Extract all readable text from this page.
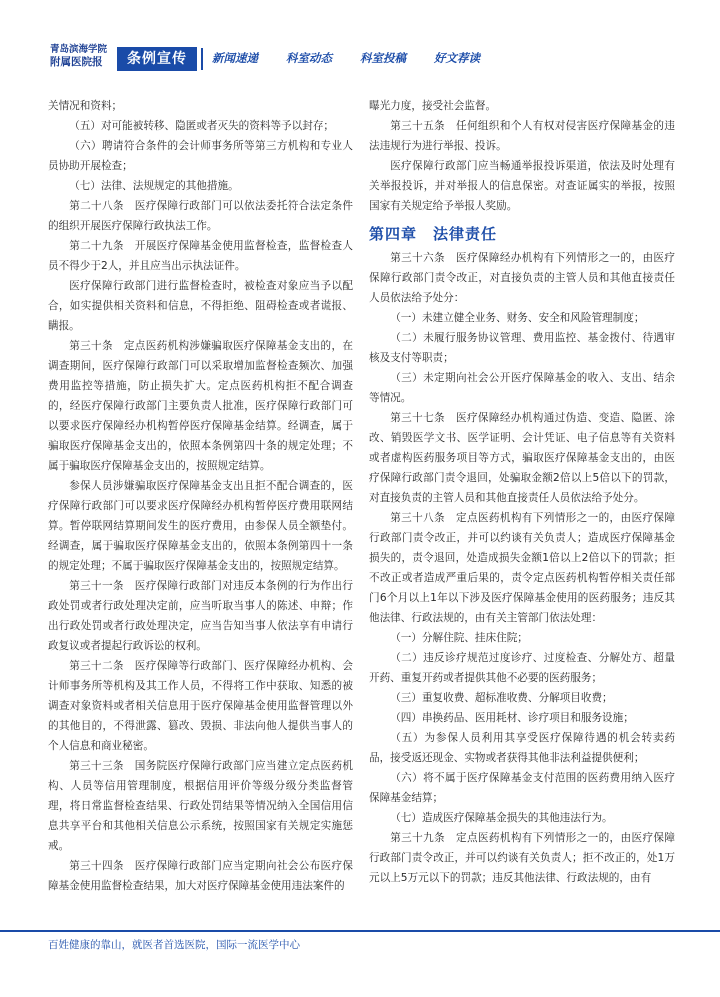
青岛滨海学院
附属医院报	条例宣传	新闻速递 科室动态 科室投稿 好文荐读

关情况和资料；

（五）对可能被转移、隐匿或者灭失的资料等予以封存；

（六）聘请符合条件的会计师事务所等第三方机构和专业人员协助开展检查；

（七）法律、法规规定的其他措施。

第二十八条　医疗保障行政部门可以依法委托符合法定条件的组织开展医疗保障行政执法工作。

第二十九条　开展医疗保障基金使用监督检查，监督检查人员不得少于2人，并且应当出示执法证件。

医疗保障行政部门进行监督检查时，被检查对象应当予以配合，如实提供相关资料和信息，不得拒绝、阻碍检查或者谎报、瞒报。

第三十条　定点医药机构涉嫌骗取医疗保障基金支出的，在调查期间，医疗保障行政部门可以采取增加监督检查频次、加强费用监控等措施，防止损失扩大。定点医药机构拒不配合调查的，经医疗保障行政部门主要负责人批准，医疗保障行政部门可以要求医疗保障经办机构暂停医疗保障基金结算。经调查，属于骗取医疗保障基金支出的，依照本条例第四十条的规定处理；不属于骗取医疗保障基金支出的，按照规定结算。

参保人员涉嫌骗取医疗保障基金支出且拒不配合调查的，医疗保障行政部门可以要求医疗保障经办机构暂停医疗费用联网结算。暂停联网结算期间发生的医疗费用，由参保人员全额垫付。经调查，属于骗取医疗保障基金支出的，依照本条例第四十一条的规定处理；不属于骗取医疗保障基金支出的，按照规定结算。

第三十一条　医疗保障行政部门对违反本条例的行为作出行政处罚或者行政处理决定前，应当听取当事人的陈述、申辩；作出行政处罚或者行政处理决定，应当告知当事人依法享有申请行政复议或者提起行政诉讼的权利。

第三十二条　医疗保障等行政部门、医疗保障经办机构、会计师事务所等机构及其工作人员，不得将工作中获取、知悉的被调查对象资料或者相关信息用于医疗保障基金使用监督管理以外的其他目的，不得泄露、篡改、毁损、非法向他人提供当事人的个人信息和商业秘密。

第三十三条　国务院医疗保障行政部门应当建立定点医药机构、人员等信用管理制度，根据信用评价等级分级分类监督管理，将日常监督检查结果、行政处罚结果等情况纳入全国信用信息共享平台和其他相关信息公示系统，按照国家有关规定实施惩戒。

第三十四条　医疗保障行政部门应当定期向社会公布医疗保障基金使用监督检查结果，加大对医疗保障基金使用违法案件的

曝光力度，接受社会监督。

第三十五条　任何组织和个人有权对侵害医疗保障基金的违法违规行为进行举报、投诉。

医疗保障行政部门应当畅通举报投诉渠道，依法及时处理有关举报投诉，并对举报人的信息保密。对查证属实的举报，按照国家有关规定给予举报人奖励。

第四章　法律责任

第三十六条　医疗保障经办机构有下列情形之一的，由医疗保障行政部门责令改正，对直接负责的主管人员和其他直接责任人员依法给予处分：

（一）未建立健全业务、财务、安全和风险管理制度；

（二）未履行服务协议管理、费用监控、基金拨付、待遇审核及支付等职责；

（三）未定期向社会公开医疗保障基金的收入、支出、结余等情况。

第三十七条　医疗保障经办机构通过伪造、变造、隐匿、涂改、销毁医学文书、医学证明、会计凭证、电子信息等有关资料或者虚构医药服务项目等方式，骗取医疗保障基金支出的，由医疗保障行政部门责令退回，处骗取金额2倍以上5倍以下的罚款，对直接负责的主管人员和其他直接责任人员依法给予处分。

第三十八条　定点医药机构有下列情形之一的，由医疗保障行政部门责令改正，并可以约谈有关负责人；造成医疗保障基金损失的，责令退回，处造成损失金额1倍以上2倍以下的罚款；拒不改正或者造成严重后果的，责令定点医药机构暂停相关责任部门6个月以上1年以下涉及医疗保障基金使用的医药服务；违反其他法律、行政法规的，由有关主管部门依法处理：

（一）分解住院、挂床住院；

（二）违反诊疗规范过度诊疗、过度检查、分解处方、超量开药、重复开药或者提供其他不必要的医药服务；

（三）重复收费、超标准收费、分解项目收费；

（四）串换药品、医用耗材、诊疗项目和服务设施；

（五）为参保人员利用其享受医疗保障待遇的机会转卖药品，接受返还现金、实物或者获得其他非法利益提供便利；

（六）将不属于医疗保障基金支付范围的医药费用纳入医疗保障基金结算；

（七）造成医疗保障基金损失的其他违法行为。

第三十九条　定点医药机构有下列情形之一的，由医疗保障行政部门责令改正，并可以约谈有关负责人；拒不改正的，处1万元以上5万元以下的罚款；违反其他法律、行政法规的，由有

百姓健康的靠山，就医者首选医院，国际一流医学中心
